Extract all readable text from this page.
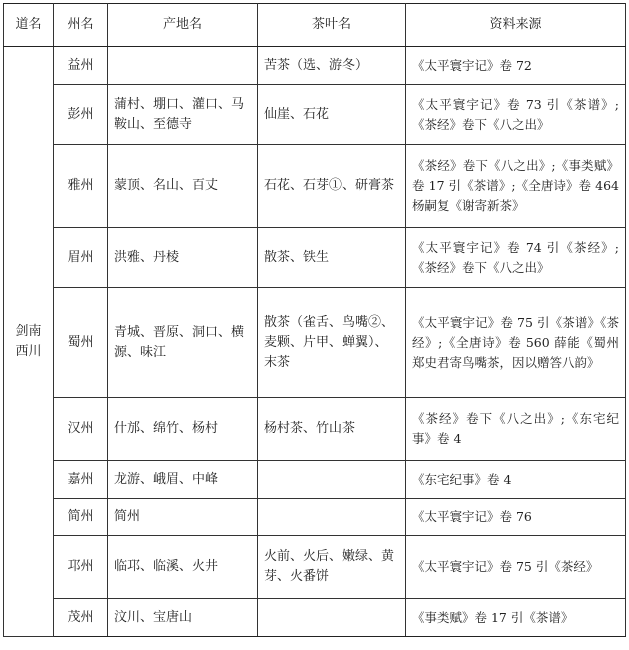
道名	州名	产地名	茶叶名	资料来源
剑南西川	益州		苦茶（选、游冬）	《太平寰宇记》卷 72
	彭州	蒲村、堋口、灌口、马鞍山、至德寺	仙崖、石花	《太平寰宇记》卷 73 引《茶谱》;《茶经》卷下《八之出》
	雅州	蒙顶、名山、百丈	石花、石芽①、研膏茶	《茶经》卷下《八之出》;《事类赋》卷 17 引《茶谱》;《全唐诗》卷 464 杨嗣复《谢寄新茶》
	眉州	洪雅、丹棱	散茶、铁生	《太平寰宇记》卷 74 引《茶经》;《茶经》卷下《八之出》
	蜀州	青城、晋原、洞口、横源、味江	散茶（雀舌、鸟嘴②、麦颗、片甲、蝉翼）、末茶	《太平寰宇记》卷 75 引《茶谱》《茶经》;《全唐诗》卷 560 薛能《蜀州郑史君寄鸟嘴茶，因以赠答八韵》
	汉州	什邡、绵竹、杨村	杨村茶、竹山茶	《茶经》卷下《八之出》;《东宅纪事》卷 4
	嘉州	龙游、峨眉、中峰		《东宅纪事》卷 4
	简州	简州		《太平寰宇记》卷 76
	邛州	临邛、临溪、火井	火前、火后、嫩绿、黄芽、火番饼	《太平寰宇记》卷 75 引《茶经》
	茂州	汶川、宝唐山		《事类赋》卷 17 引《茶谱》
